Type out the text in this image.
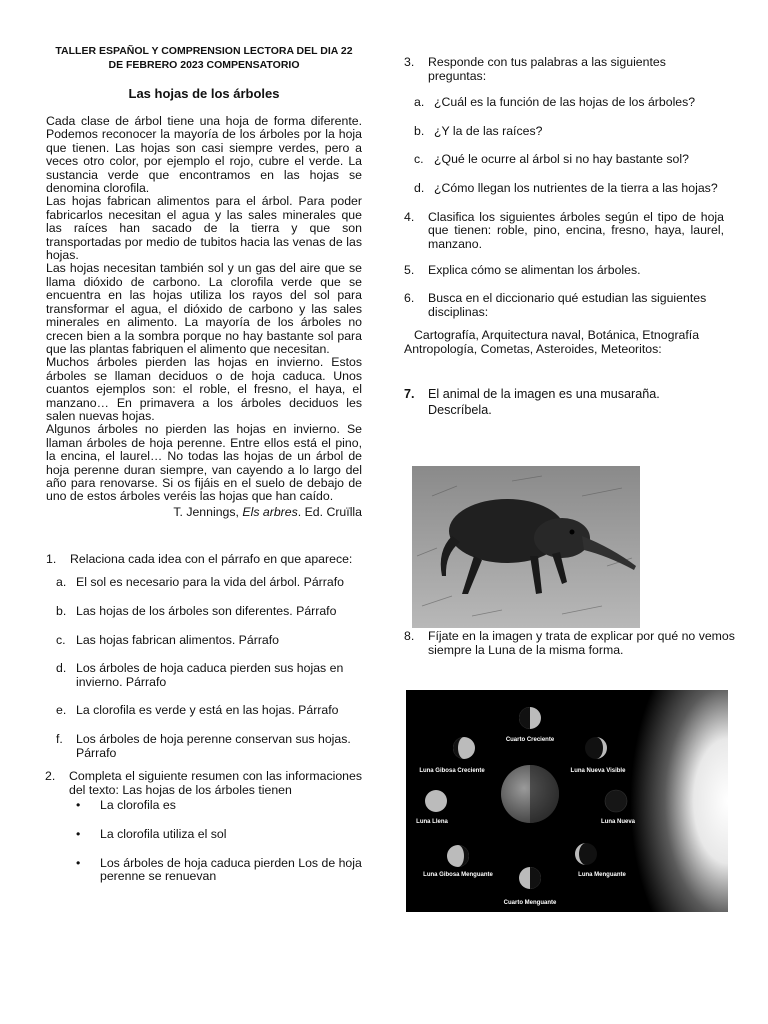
TALLER ESPAÑOL Y COMPRENSION LECTORA DEL DIA 22
DE FEBRERO 2023 COMPENSATORIO
Las hojas de los árboles

Cada clase de árbol tiene una hoja de forma diferente. Podemos reconocer la mayoría de los árboles por la hoja que tienen. Las hojas son casi siempre verdes, pero a veces otro color, por ejemplo el rojo, cubre el verde. La sustancia verde que encontramos en las hojas se denomina clorofila.

Las hojas fabrican alimentos para el árbol. Para poder fabricarlos necesitan el agua y las sales minerales que las raíces han sacado de la tierra y que son transportadas por medio de tubitos hacia las venas de las hojas.

Las hojas necesitan también sol y un gas del aire que se llama dióxido de carbono. La clorofila verde que se encuentra en las hojas utiliza los rayos del sol para transformar el agua, el dióxido de carbono y las sales minerales en alimento. La mayoría de los árboles no crecen bien a la sombra porque no hay bastante sol para que las plantas fabriquen el alimento que necesitan.

Muchos árboles pierden las hojas en invierno. Estos árboles se llaman deciduos o de hoja caduca. Unos cuantos ejemplos son: el roble, el fresno, el haya, el manzano… En primavera a los árboles deciduos les salen nuevas hojas.

Algunos árboles no pierden las hojas en invierno. Se llaman árboles de hoja perenne. Entre ellos está el pino, la encina, el laurel… No todas las hojas de un árbol de hoja perenne duran siempre, van cayendo a lo largo del año para renovarse. Si os fijáis en el suelo de debajo de uno de estos árboles veréis las hojas que han caído.

T. Jennings, Els arbres. Ed. Cruïlla
1. Relaciona cada idea con el párrafo en que aparece:
a. El sol es necesario para la vida del árbol. Párrafo
b. Las hojas de los árboles son diferentes. Párrafo
c. Las hojas fabrican alimentos. Párrafo
d. Los árboles de hoja caduca pierden sus hojas en invierno. Párrafo
e. La clorofila es verde y está en las hojas. Párrafo
f. Los árboles de hoja perenne conservan sus hojas. Párrafo
2. Completa el siguiente resumen con las informaciones del texto: Las hojas de los árboles tienen
• La clorofila es
• La clorofila utiliza el sol
• Los árboles de hoja caduca pierden Los de hoja perenne se renuevan
3. Responde con tus palabras a las siguientes preguntas:
a. ¿Cuál es la función de las hojas de los árboles?
b. ¿Y la de las raíces?
c. ¿Qué le ocurre al árbol si no hay bastante sol?
d. ¿Cómo llegan los nutrientes de la tierra a las hojas?
4. Clasifica los siguientes árboles según el tipo de hoja que tienen: roble, pino, encina, fresno, haya, laurel, manzano.
5. Explica cómo se alimentan los árboles.
6. Busca en el diccionario qué estudian las siguientes disciplinas:
Cartografía, Arquitectura naval, Botánica, Etnografía
Antropología, Cometas, Asteroides, Meteoritos:
7. El animal de la imagen es una musaraña. Descríbela.
8. Fíjate en la imagen y trata de explicar por qué no vemos siempre la Luna de la misma forma.
Cuarto Creciente
Luna Gibosa Creciente	Luna Nueva Visible
Luna Llena	Luna Nueva
Luna Gibosa Menguante	Luna Menguante
Cuarto Menguante
